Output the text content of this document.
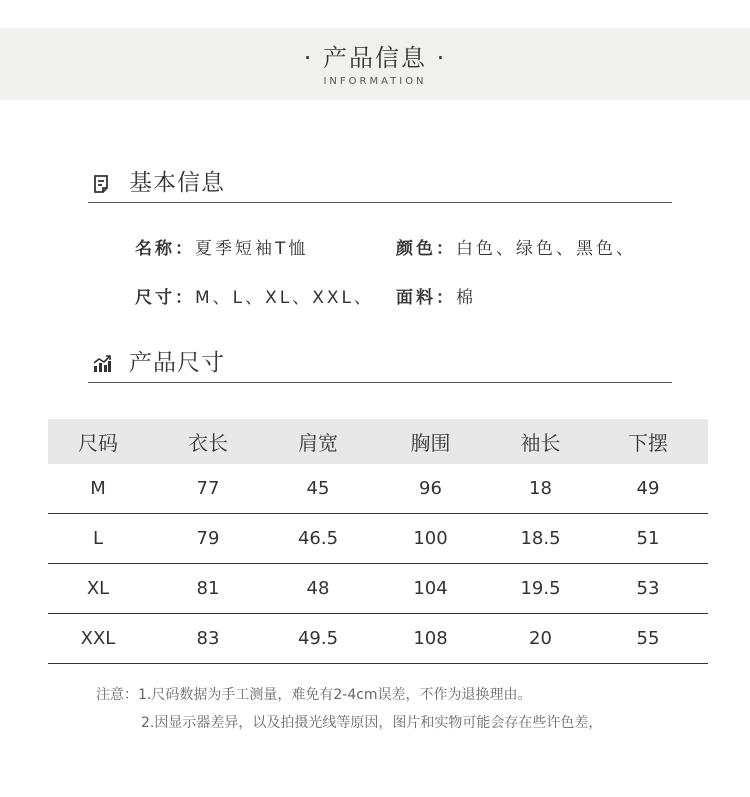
· 产品信息 ·
INFORMATION
基本信息
名称：夏季短袖T恤	颜色：白色、绿色、黑色、
尺寸：M、L、XL、XXL、 面料：棉
产品尺寸
尺码	衣长	肩宽	胸围	袖长	下摆
M	77	45	96	18	49
L	79	46.5	100	18.5	51
XL	81	48	104	19.5	53
XXL	83	49.5	108	20	55
注意：1.尺码数据为手工测量，难免有2-4cm误差，不作为退换理由。
2.因显示器差异，以及拍摄光线等原因，图片和实物可能会存在些许色差，
